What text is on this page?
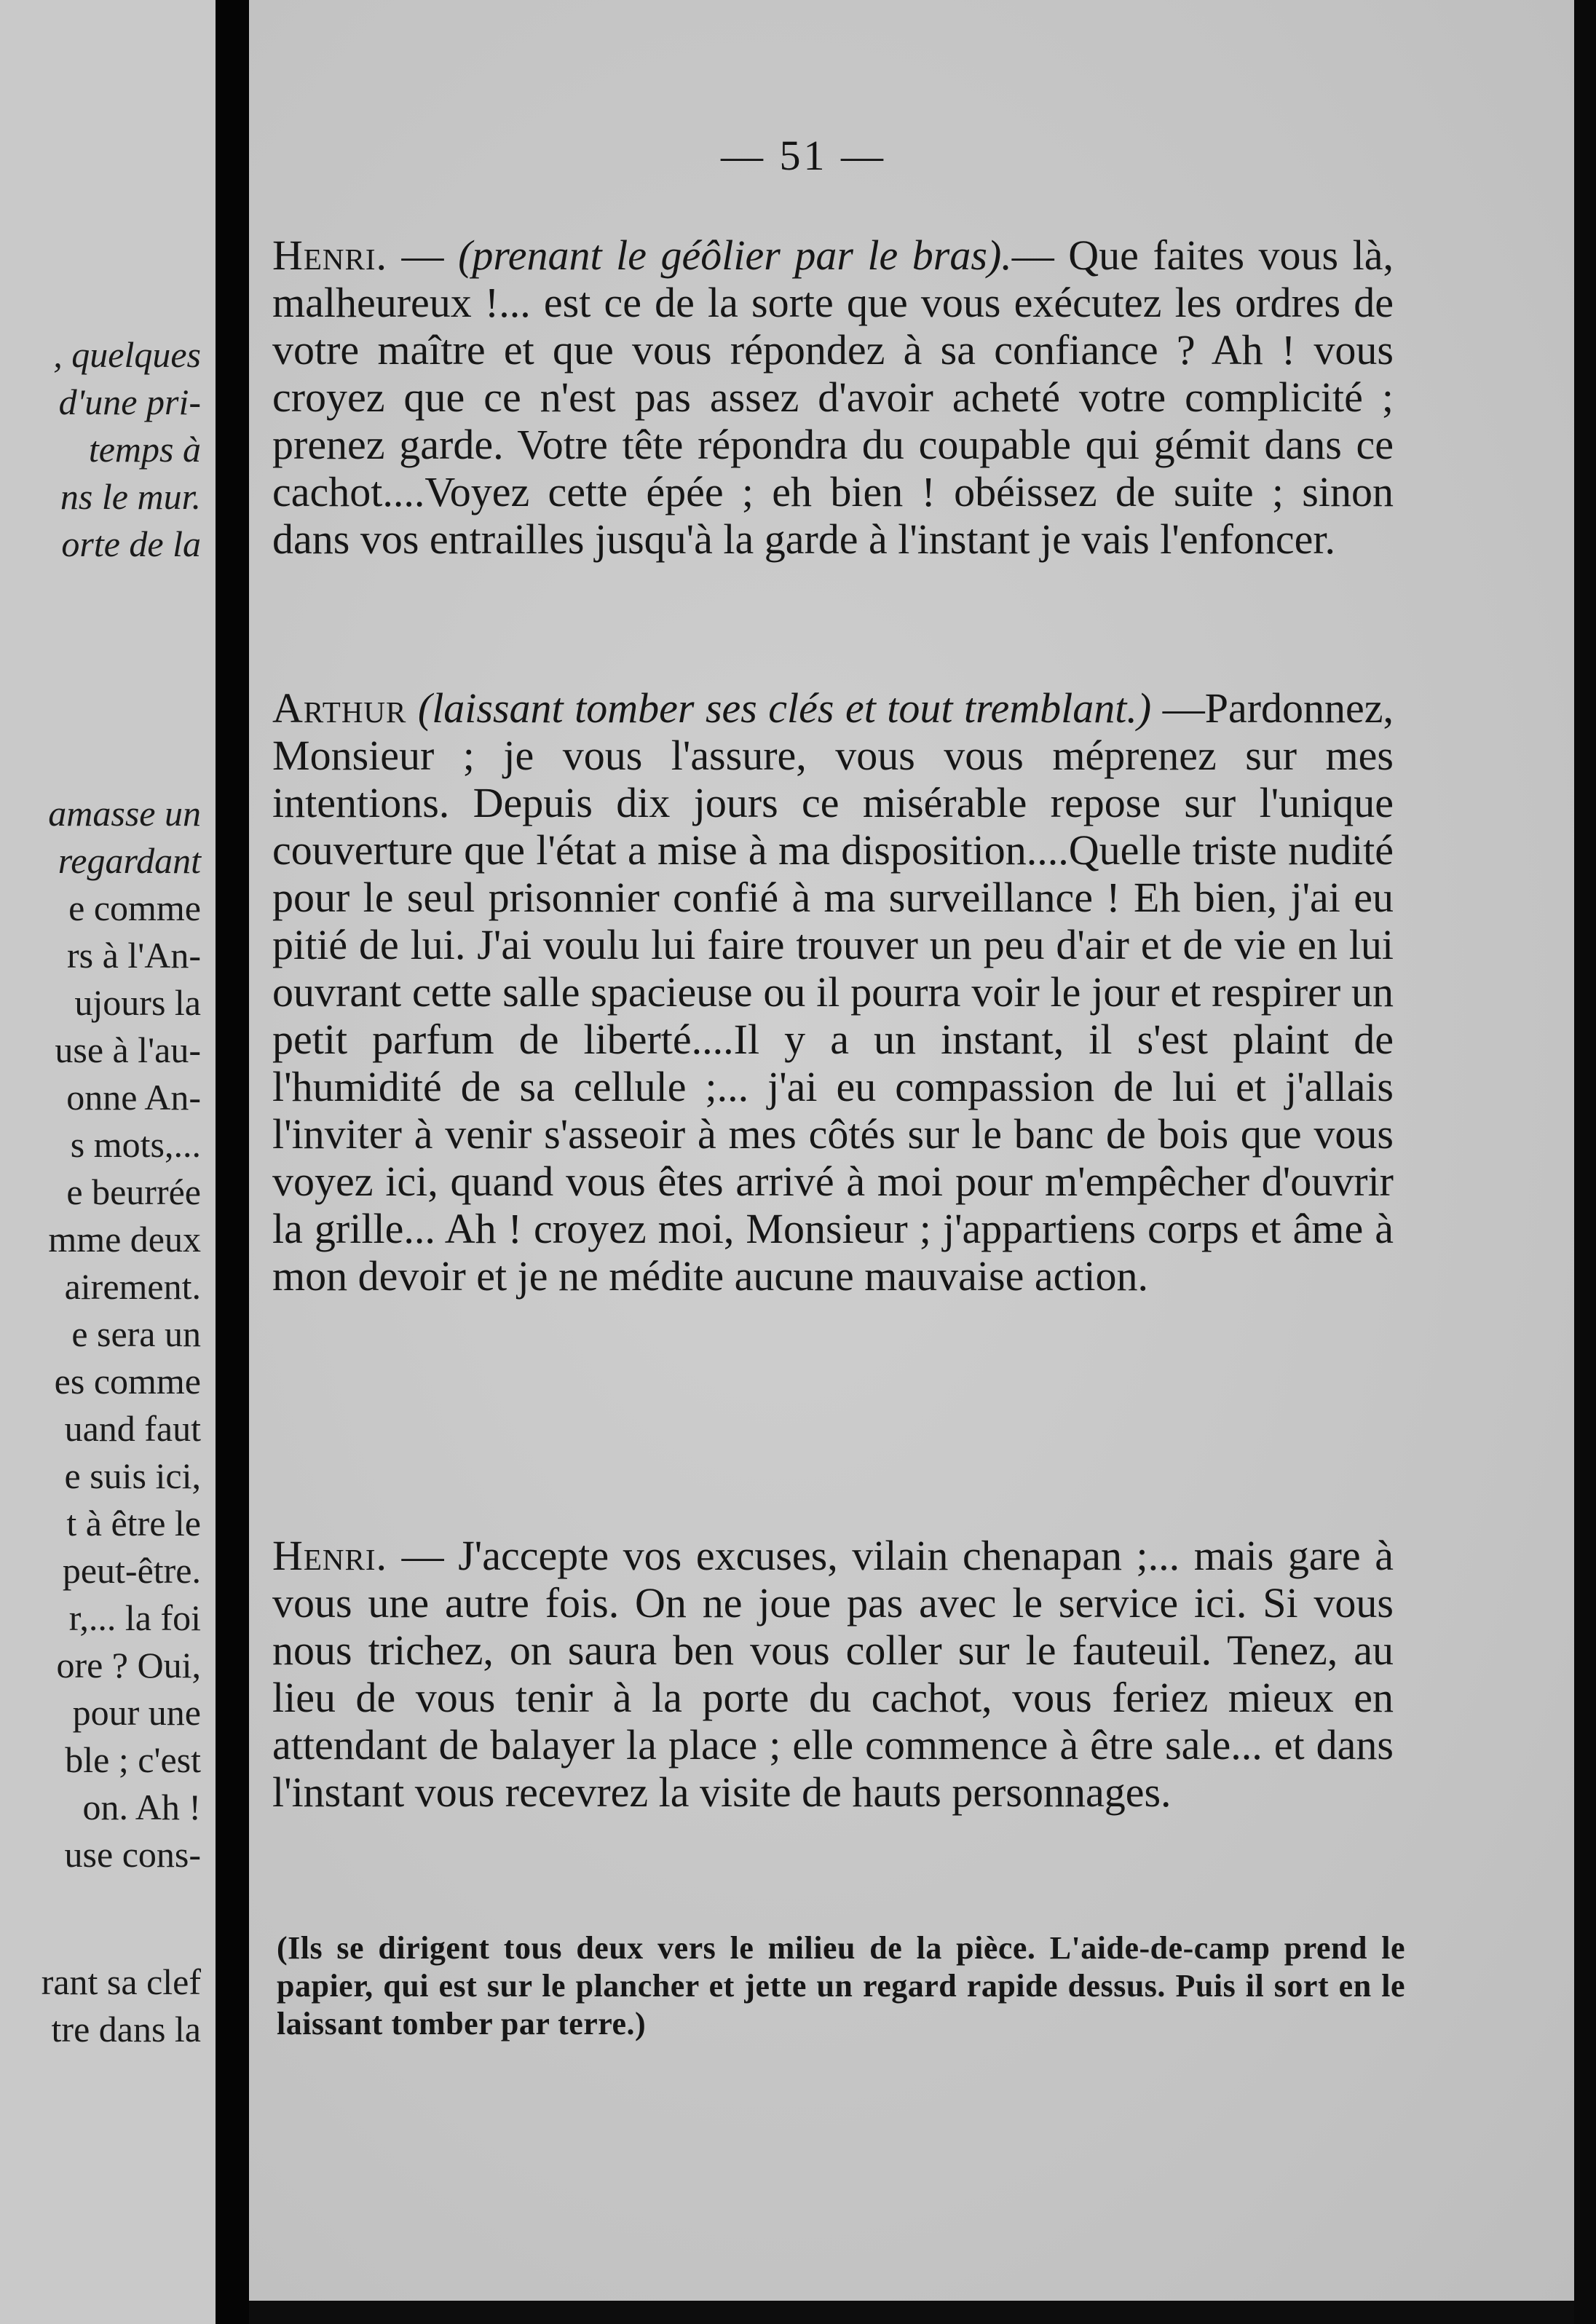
, quelques
d'une pri-
temps à
ns le mur.
orte de la
amasse un
regardant
e comme
rs à l'An-
ujours la
use à l'au-
onne An-
s mots,...
e beurrée
mme deux
airement.
e sera un
es comme
uand faut
e suis ici,
t à être le
peut-être.
r,... la foi
ore ? Oui,
pour une
ble ; c'est
on. Ah !
use cons-
rant sa clef
tre dans la
— 51 —

Henri. — (prenant le géôlier par le bras).— Que faites vous là, malheureux !... est ce de la sorte que vous exécutez les ordres de votre maître et que vous répondez à sa confiance ? Ah ! vous croyez que ce n'est pas assez d'avoir acheté votre complicité ; prenez garde. Votre tête répondra du coupable qui gémit dans ce cachot....Voyez cette épée ; eh bien ! obéissez de suite ; sinon dans vos entrailles jusqu'à la garde à l'instant je vais l'enfoncer.

Arthur (laissant tomber ses clés et tout tremblant.) —Pardonnez, Monsieur ; je vous l'assure, vous vous méprenez sur mes intentions. Depuis dix jours ce misérable repose sur l'unique couverture que l'état a mise à ma disposition....Quelle triste nudité pour le seul prisonnier confié à ma surveillance ! Eh bien, j'ai eu pitié de lui. J'ai voulu lui faire trouver un peu d'air et de vie en lui ouvrant cette salle spacieuse ou il pourra voir le jour et respirer un petit parfum de liberté....Il y a un instant, il s'est plaint de l'humidité de sa cellule ;... j'ai eu compassion de lui et j'allais l'inviter à venir s'asseoir à mes côtés sur le banc de bois que vous voyez ici, quand vous êtes arrivé à moi pour m'empêcher d'ouvrir la grille... Ah ! croyez moi, Monsieur ; j'appartiens corps et âme à mon devoir et je ne médite aucune mauvaise action.

Henri. — J'accepte vos excuses, vilain chenapan ;... mais gare à vous une autre fois. On ne joue pas avec le service ici. Si vous nous trichez, on saura ben vous coller sur le fauteuil. Tenez, au lieu de vous tenir à la porte du cachot, vous feriez mieux en attendant de balayer la place ; elle commence à être sale... et dans l'instant vous recevrez la visite de hauts personnages.

(Ils se dirigent tous deux vers le milieu de la pièce. L'aide-de-camp prend le papier, qui est sur le plancher et jette un regard rapide dessus. Puis il sort en le laissant tomber par terre.)
